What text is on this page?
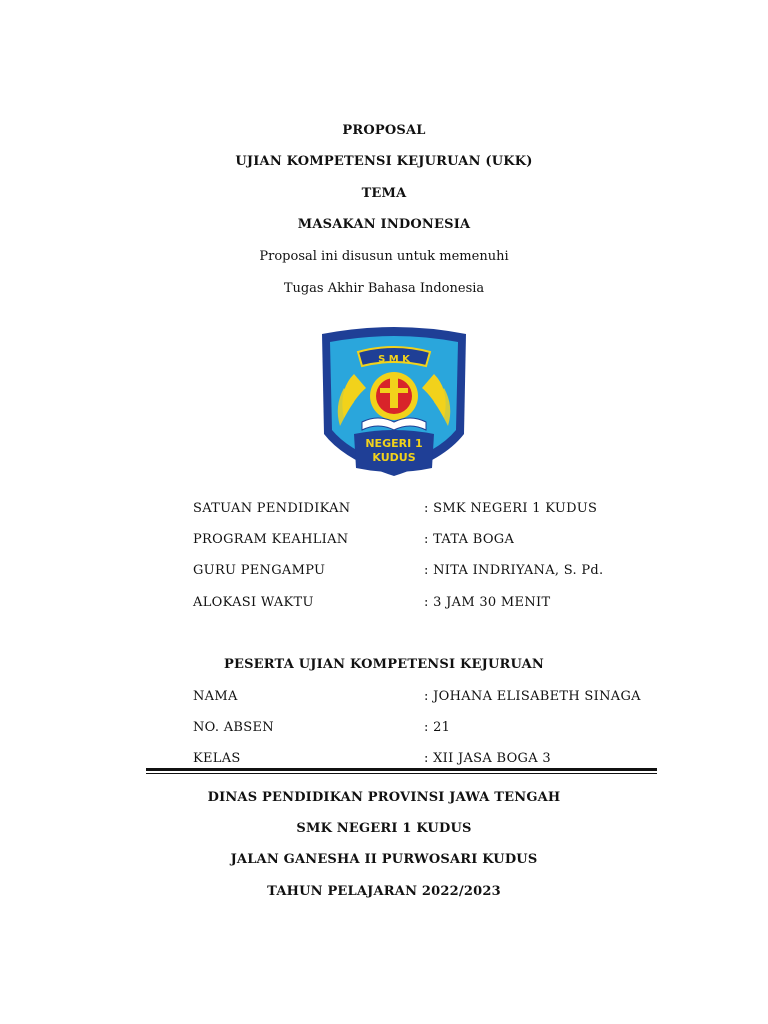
PROPOSAL
UJIAN KOMPETENSI KEJURUAN (UKK)
TEMA
MASAKAN INDONESIA
Proposal ini disusun untuk memenuhi
Tugas Akhir Bahasa Indonesia
S M K
NEGERI 1
KUDUS
SATUAN PENDIDIKAN	: SMK NEGERI 1 KUDUS
PROGRAM KEAHLIAN	: TATA BOGA
GURU PENGAMPU	: NITA INDRIYANA, S. Pd.
ALOKASI WAKTU	: 3 JAM 30 MENIT
PESERTA UJIAN KOMPETENSI KEJURUAN
NAMA	: JOHANA ELISABETH SINAGA
NO. ABSEN	: 21
KELAS	: XII JASA BOGA 3
DINAS PENDIDIKAN PROVINSI JAWA TENGAH
SMK NEGERI 1 KUDUS
JALAN GANESHA II PURWOSARI KUDUS
TAHUN PELAJARAN 2022/2023
